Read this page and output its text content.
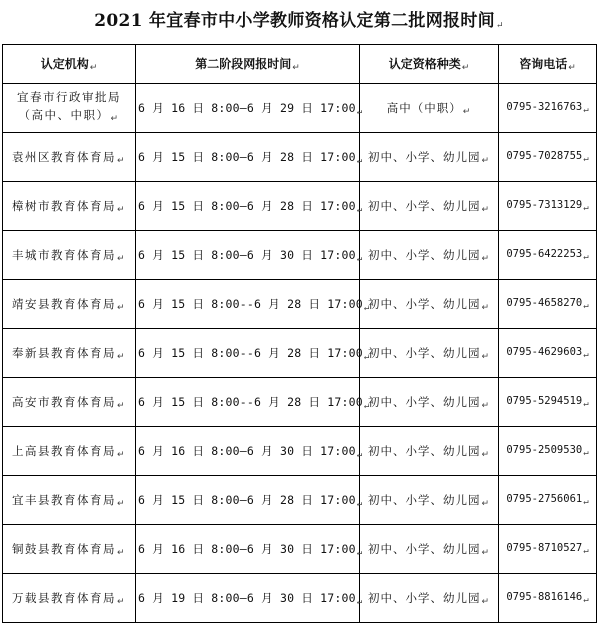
2021 年宜春市中小学教师资格认定第二批网报时间↵
认定机构↵	第二阶段网报时间↵	认定资格种类↵	咨询电话↵

宜春市行政审批局
（高中、中职）↵	6 月 16 日 8:00—6 月 29 日 17:00↵	高中（中职）↵	0795-3216763↵
袁州区教育体育局↵	6 月 15 日 8:00—6 月 28 日 17:00↵	初中、小学、幼儿园↵	0795-7028755↵
樟树市教育体育局↵	6 月 15 日 8:00—6 月 28 日 17:00↵	初中、小学、幼儿园↵	0795-7313129↵
丰城市教育体育局↵	6 月 15 日 8:00—6 月 30 日 17:00↵	初中、小学、幼儿园↵	0795-6422253↵
靖安县教育体育局↵	6 月 15 日 8:00--6 月 28 日 17:00↵	初中、小学、幼儿园↵	0795-4658270↵
奉新县教育体育局↵	6 月 15 日 8:00--6 月 28 日 17:00↵	初中、小学、幼儿园↵	0795-4629603↵
高安市教育体育局↵	6 月 15 日 8:00--6 月 28 日 17:00↵	初中、小学、幼儿园↵	0795-5294519↵
上高县教育体育局↵	6 月 16 日 8:00—6 月 30 日 17:00↵	初中、小学、幼儿园↵	0795-2509530↵
宜丰县教育体育局↵	6 月 15 日 8:00—6 月 28 日 17:00↵	初中、小学、幼儿园↵	0795-2756061↵
铜鼓县教育体育局↵	6 月 16 日 8:00—6 月 30 日 17:00↵	初中、小学、幼儿园↵	0795-8710527↵
万载县教育体育局↵	6 月 19 日 8:00—6 月 30 日 17:00↵	初中、小学、幼儿园↵	0795-8816146↵
